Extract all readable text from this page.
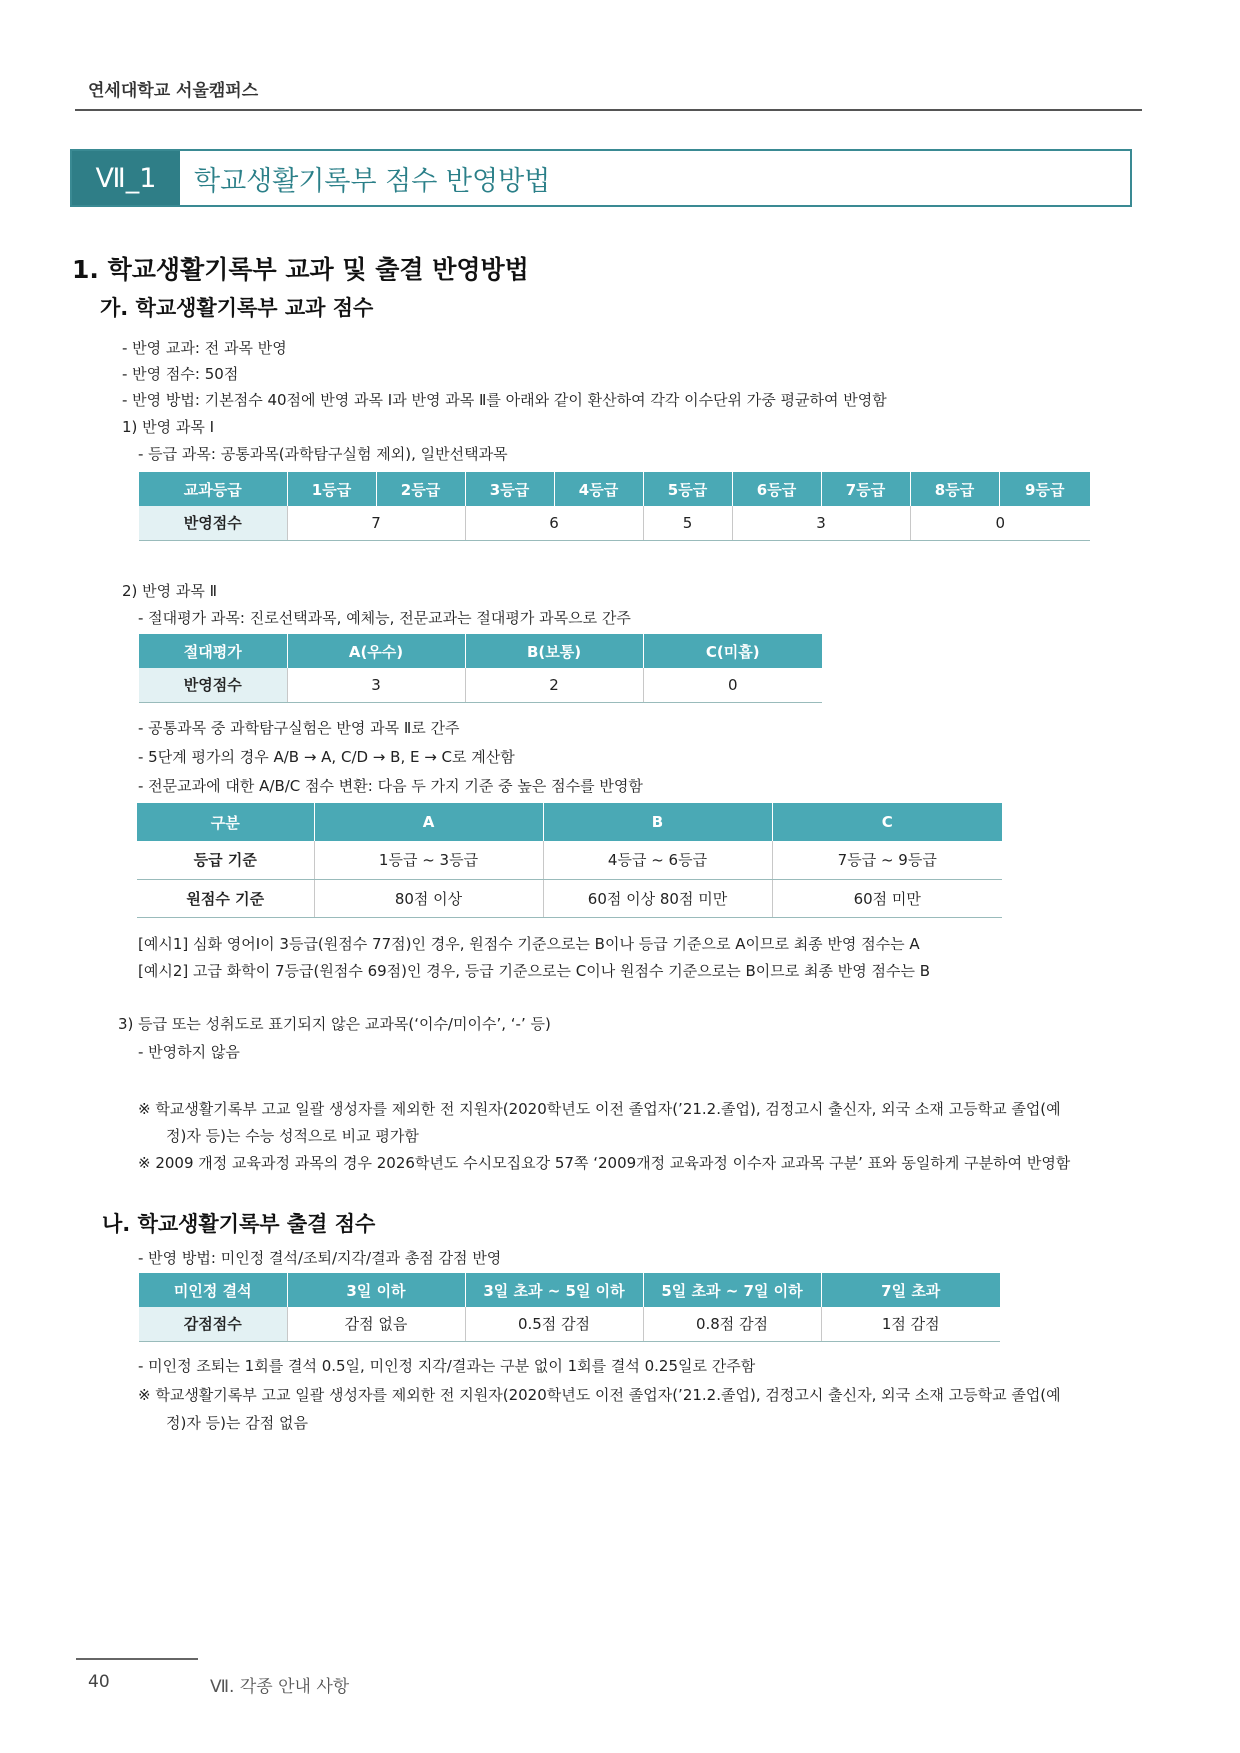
연세대학교 서울캠퍼스
Ⅶ_1	학교생활기록부 점수 반영방법
1. 학교생활기록부 교과 및 출결 반영방법
가. 학교생활기록부 교과 점수
- 반영 교과: 전 과목 반영
- 반영 점수: 50점
- 반영 방법: 기본점수 40점에 반영 과목 Ⅰ과 반영 과목 Ⅱ를 아래와 같이 환산하여 각각 이수단위 가중 평균하여 반영함
1) 반영 과목 Ⅰ
- 등급 과목: 공통과목(과학탐구실험 제외), 일반선택과목
교과등급	1등급	2등급	3등급	4등급	5등급	6등급	7등급	8등급	9등급
반영점수	7		6		5	3		0	
2) 반영 과목 Ⅱ
- 절대평가 과목: 진로선택과목, 예체능, 전문교과는 절대평가 과목으로 간주
절대평가	A(우수)	B(보통)	C(미흡)
반영점수	3	2	0
- 공통과목 중 과학탐구실험은 반영 과목 Ⅱ로 간주
- 5단계 평가의 경우 A/B → A, C/D → B, E → C로 계산함
- 전문교과에 대한 A/B/C 점수 변환: 다음 두 가지 기준 중 높은 점수를 반영함
구분	A	B	C
등급 기준	1등급 ~ 3등급	4등급 ~ 6등급	7등급 ~ 9등급
원점수 기준	80점 이상	60점 이상 80점 미만	60점 미만
[예시1] 심화 영어Ⅰ이 3등급(원점수 77점)인 경우, 원점수 기준으로는 B이나 등급 기준으로 A이므로 최종 반영 점수는 A
[예시2] 고급 화학이 7등급(원점수 69점)인 경우, 등급 기준으로는 C이나 원점수 기준으로는 B이므로 최종 반영 점수는 B
3) 등급 또는 성취도로 표기되지 않은 교과목(‘이수/미이수’, ‘-’ 등)
- 반영하지 않음
※ 학교생활기록부 고교 일괄 생성자를 제외한 전 지원자(2020학년도 이전 졸업자(’21.2.졸업), 검정고시 출신자, 외국 소재 고등학교 졸업(예
정)자 등)는 수능 성적으로 비교 평가함
※ 2009 개정 교육과정 과목의 경우 2026학년도 수시모집요강 57쪽 ‘2009개정 교육과정 이수자 교과목 구분’ 표와 동일하게 구분하여 반영함
나. 학교생활기록부 출결 점수
- 반영 방법: 미인정 결석/조퇴/지각/결과 총점 감점 반영
미인정 결석	3일 이하	3일 초과 ~ 5일 이하	5일 초과 ~ 7일 이하	7일 초과
감점점수	감점 없음	0.5점 감점	0.8점 감점	1점 감점
- 미인정 조퇴는 1회를 결석 0.5일, 미인정 지각/결과는 구분 없이 1회를 결석 0.25일로 간주함
※ 학교생활기록부 고교 일괄 생성자를 제외한 전 지원자(2020학년도 이전 졸업자(’21.2.졸업), 검정고시 출신자, 외국 소재 고등학교 졸업(예
정)자 등)는 감점 없음
40	Ⅶ. 각종 안내 사항
